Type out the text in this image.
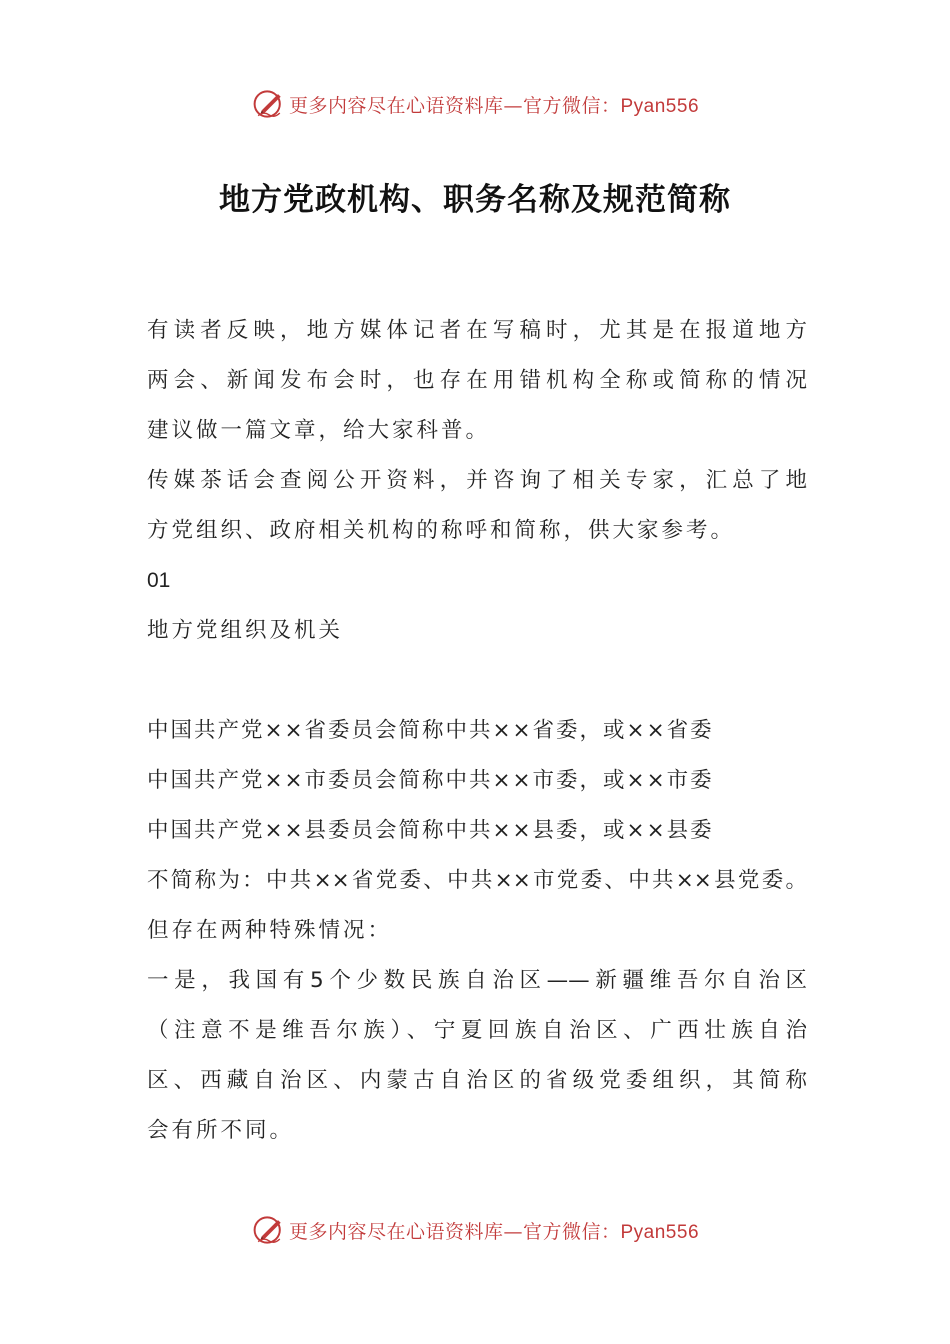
更多内容尽在心语资料库—官方微信：Pyan556
地方党政机构、职务名称及规范简称
有读者反映，地方媒体记者在写稿时，尤其是在报道地方
两会、新闻发布会时，也存在用错机构全称或简称的情况
建议做一篇文章，给大家科普。
传媒茶话会查阅公开资料，并咨询了相关专家，汇总了地
方党组织、政府相关机构的称呼和简称，供大家参考。
01
地方党组织及机关
中国共产党××省委员会简称中共××省委，或××省委
中国共产党××市委员会简称中共××市委，或××市委
中国共产党××县委员会简称中共××县委，或××县委
不简称为：中共××省党委、中共××市党委、中共××县党委。
但存在两种特殊情况：
一是，我国有5个少数民族自治区——新疆维吾尔自治区
（注意不是维吾尔族）、宁夏回族自治区、广西壮族自治
区、西藏自治区、内蒙古自治区的省级党委组织，其简称
会有所不同。
更多内容尽在心语资料库—官方微信：Pyan556
